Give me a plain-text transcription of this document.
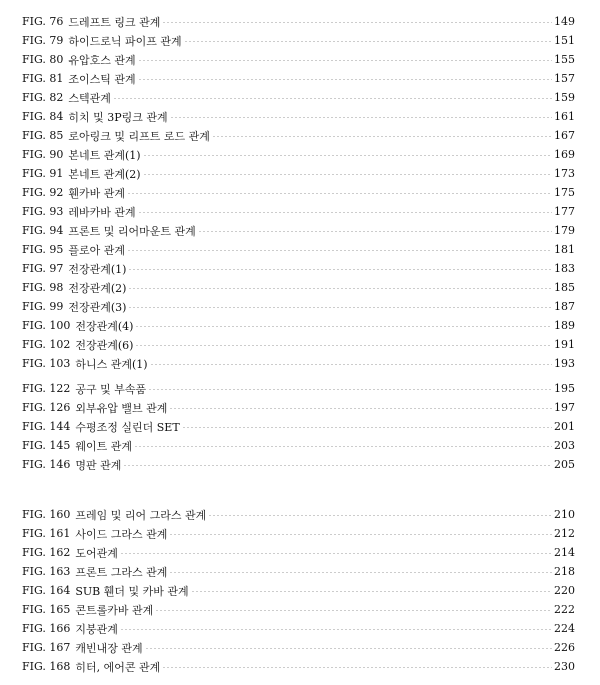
FIG. 76 드레프트 링크 관계	149
FIG. 79 하이드로닉 파이프 관계	151
FIG. 80 유압호스 관계	155
FIG. 81 조이스틱 관계	157
FIG. 82 스텍관계	159
FIG. 84 히치 및 3P링크 관계	161
FIG. 85 로아링크 및 리프트 로드 관계	167
FIG. 90 본네트 관계(1)	169
FIG. 91 본네트 관계(2)	173
FIG. 92 휀카바 관계	175
FIG. 93 레바카바 관계	177
FIG. 94 프론트 및 리어마운트 관계	179
FIG. 95 플로아 관계	181
FIG. 97 전장관계(1)	183
FIG. 98 전장관계(2)	185
FIG. 99 전장관계(3)	187
FIG. 100 전장관계(4)	189
FIG. 102 전장관계(6)	191
FIG. 103 하니스 관계(1)	193
FIG. 122 공구 및 부속품	195
FIG. 126 외부유압 밸브 관계	197
FIG. 144 수평조정 실린더 SET	201
FIG. 145 웨이트 관계	203
FIG. 146 명판 관계	205
FIG. 160 프레임 및 리어 그라스 관계	210
FIG. 161 사이드 그라스 관계	212
FIG. 162 도어관계	214
FIG. 163 프론트 그라스 관계	218
FIG. 164 SUB 휀더 및 카바 관계	220
FIG. 165 콘트롤카바 관계	222
FIG. 166 지붕관계	224
FIG. 167 캐빈내장 관계	226
FIG. 168 히터, 에어콘 관계	230
